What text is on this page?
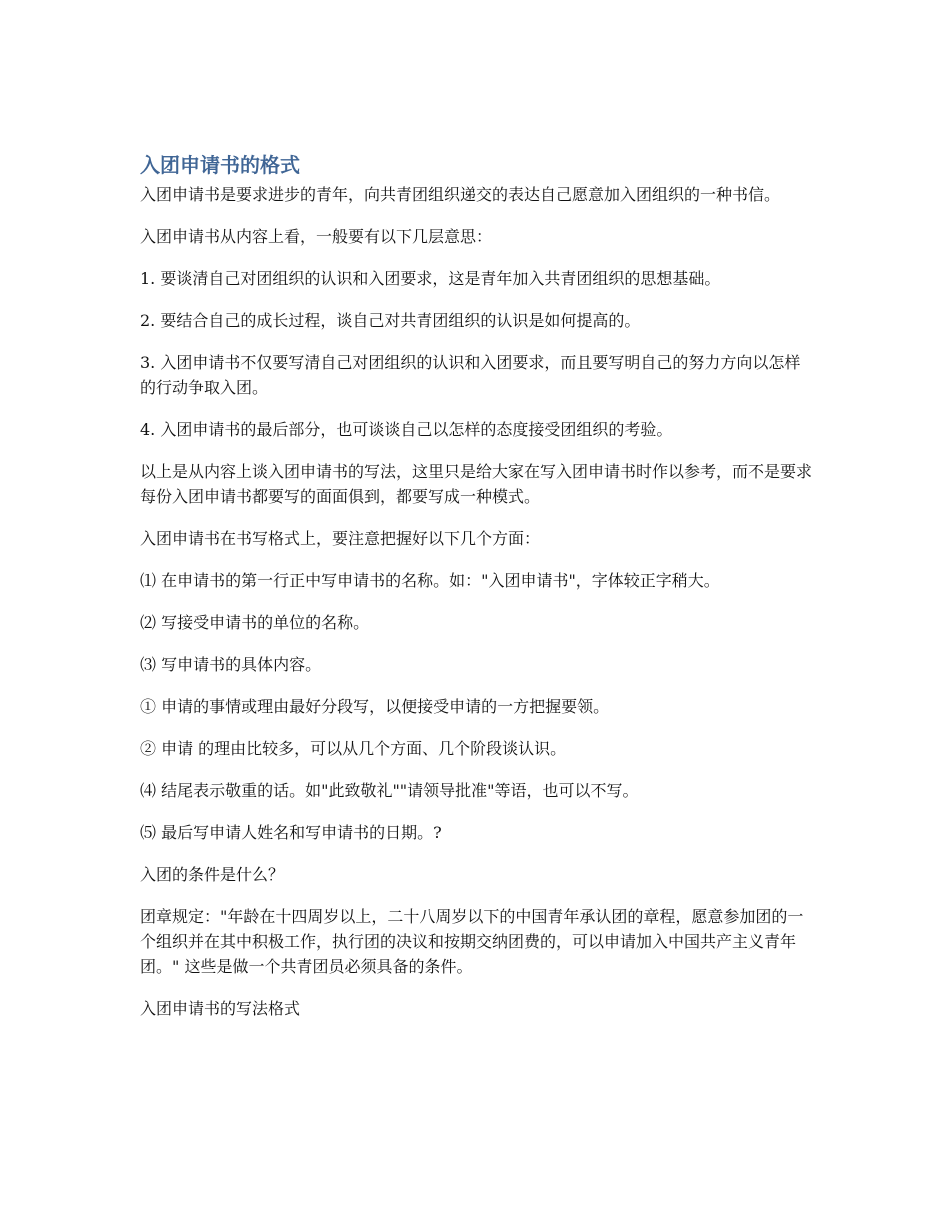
入团申请书的格式

入团申请书是要求进步的青年，向共青团组织递交的表达自己愿意加入团组织的一种书信。

入团申请书从内容上看，一般要有以下几层意思：

1. 要谈清自己对团组织的认识和入团要求，这是青年加入共青团组织的思想基础。

2. 要结合自己的成长过程，谈自己对共青团组织的认识是如何提高的。

3. 入团申请书不仅要写清自己对团组织的认识和入团要求，而且要写明自己的努力方向以怎样的行动争取入团。

4. 入团申请书的最后部分，也可谈谈自己以怎样的态度接受团组织的考验。

以上是从内容上谈入团申请书的写法，这里只是给大家在写入团申请书时作以参考，而不是要求每份入团申请书都要写的面面俱到，都要写成一种模式。

入团申请书在书写格式上，要注意把握好以下几个方面：

⑴ 在申请书的第一行正中写申请书的名称。如："入团申请书"，字体较正字稍大。

⑵ 写接受申请书的单位的名称。

⑶ 写申请书的具体内容。

① 申请的事情或理由最好分段写，以便接受申请的一方把握要领。

② 申请 的理由比较多，可以从几个方面、几个阶段谈认识。

⑷ 结尾表示敬重的话。如"此致敬礼""请领导批准"等语，也可以不写。

⑸ 最后写申请人姓名和写申请书的日期。?

入团的条件是什么？

团章规定："年龄在十四周岁以上，二十八周岁以下的中国青年承认团的章程，愿意参加团的一个组织并在其中积极工作，执行团的决议和按期交纳团费的，可以申请加入中国共产主义青年团。" 这些是做一个共青团员必须具备的条件。

入团申请书的写法格式
